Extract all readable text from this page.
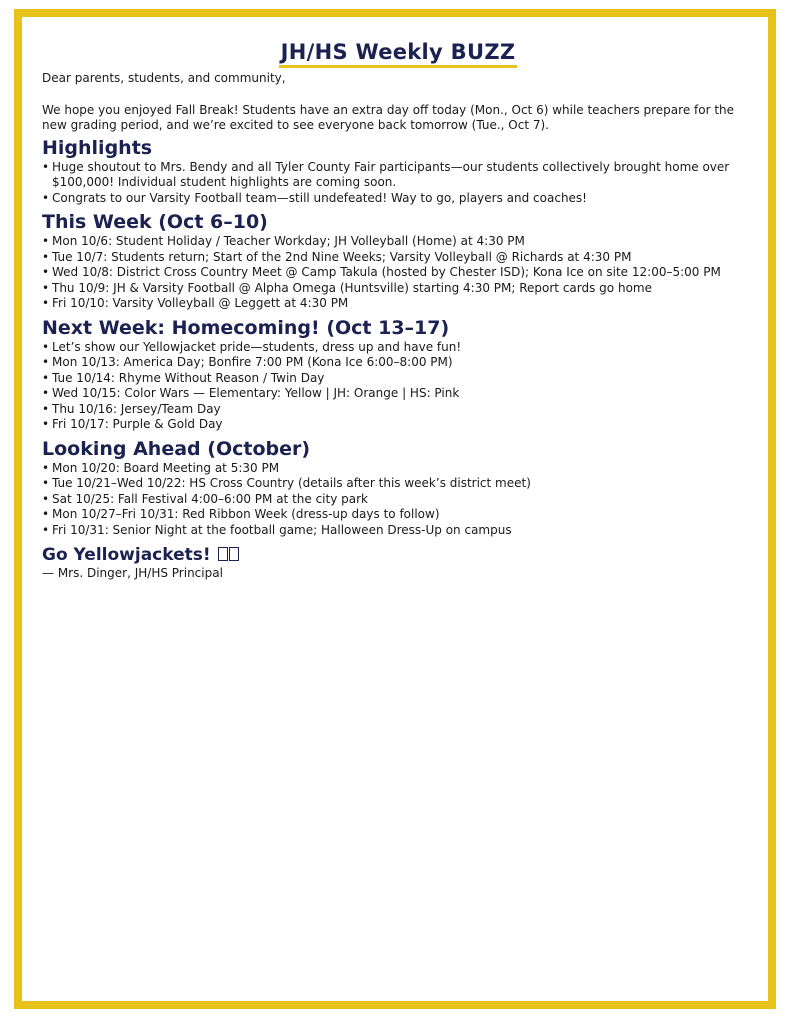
JH/HS Weekly BUZZ

Dear parents, students, and community,

We hope you enjoyed Fall Break! Students have an extra day off today (Mon., Oct 6) while teachers prepare for the new grading period, and we’re excited to see everyone back tomorrow (Tue., Oct 7).

Highlights
• Huge shoutout to Mrs. Bendy and all Tyler County Fair participants—our students collectively brought home over $100,000! Individual student highlights are coming soon.
• Congrats to our Varsity Football team—still undefeated! Way to go, players and coaches!
This Week (Oct 6–10)
• Mon 10/6: Student Holiday / Teacher Workday; JH Volleyball (Home) at 4:30 PM
• Tue 10/7: Students return; Start of the 2nd Nine Weeks; Varsity Volleyball @ Richards at 4:30 PM
• Wed 10/8: District Cross Country Meet @ Camp Takula (hosted by Chester ISD); Kona Ice on site 12:00–5:00 PM
• Thu 10/9: JH & Varsity Football @ Alpha Omega (Huntsville) starting 4:30 PM; Report cards go home
• Fri 10/10: Varsity Volleyball @ Leggett at 4:30 PM
Next Week: Homecoming! (Oct 13–17)
• Let’s show our Yellowjacket pride—students, dress up and have fun!
• Mon 10/13: America Day; Bonfire 7:00 PM (Kona Ice 6:00–8:00 PM)
• Tue 10/14: Rhyme Without Reason / Twin Day
• Wed 10/15: Color Wars — Elementary: Yellow | JH: Orange | HS: Pink
• Thu 10/16: Jersey/Team Day
• Fri 10/17: Purple & Gold Day
Looking Ahead (October)
• Mon 10/20: Board Meeting at 5:30 PM
• Tue 10/21–Wed 10/22: HS Cross Country (details after this week’s district meet)
• Sat 10/25: Fall Festival 4:00–6:00 PM at the city park
• Mon 10/27–Fri 10/31: Red Ribbon Week (dress-up days to follow)
• Fri 10/31: Senior Night at the football game; Halloween Dress-Up on campus
Go Yellowjackets!
— Mrs. Dinger, JH/HS Principal
